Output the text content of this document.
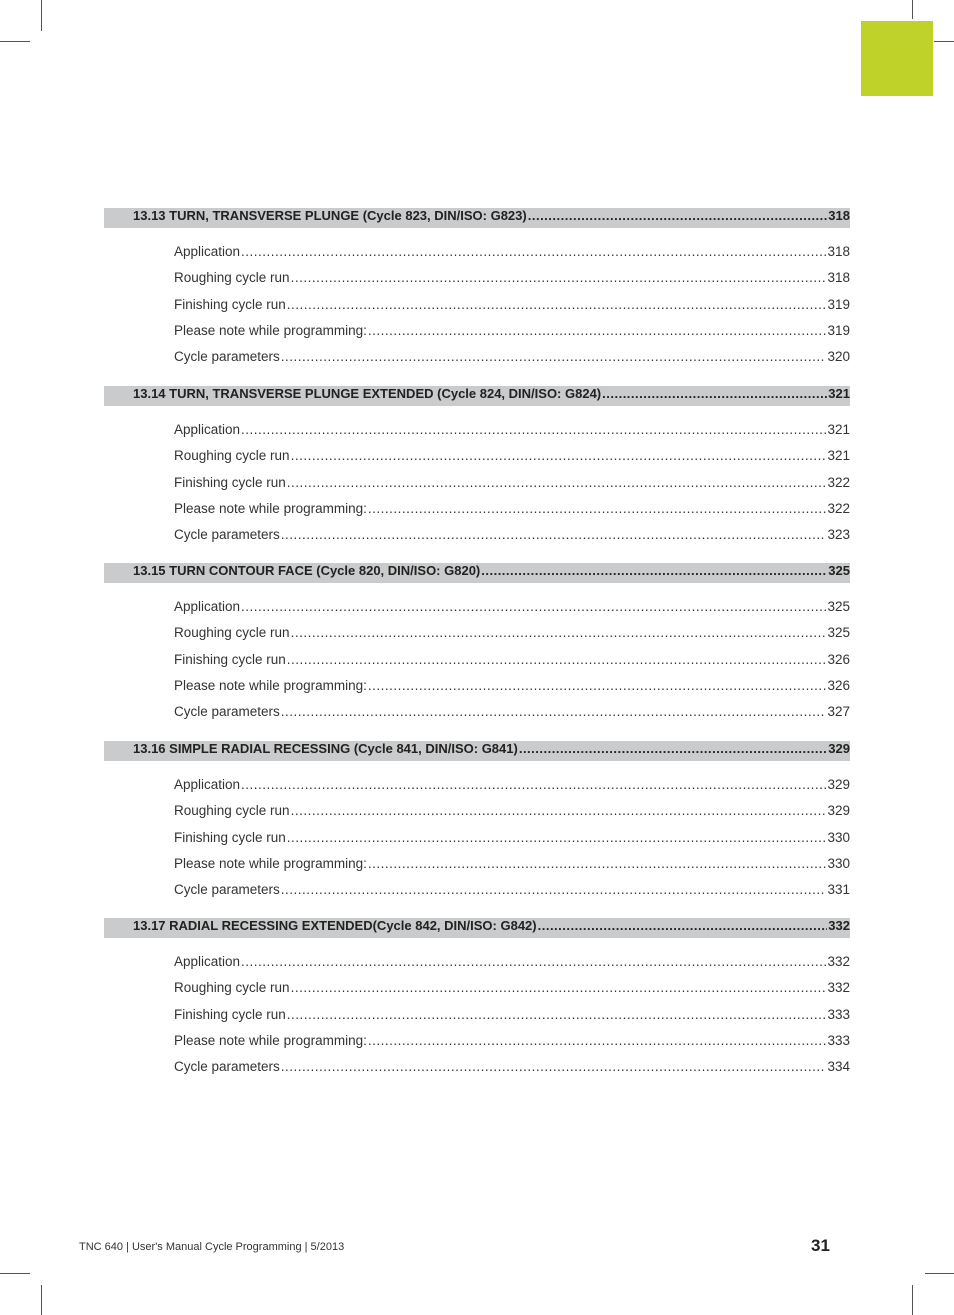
13.13 TURN, TRANSVERSE PLUNGE (Cycle 823, DIN/ISO: G823) .....	318
Application .....	318
Roughing cycle run .....	318
Finishing cycle run .....	319
Please note while programming: .....	319
Cycle parameters .....	320
13.14 TURN, TRANSVERSE PLUNGE EXTENDED (Cycle 824, DIN/ISO: G824) .....	321
Application .....	321
Roughing cycle run .....	321
Finishing cycle run .....	322
Please note while programming: .....	322
Cycle parameters .....	323
13.15 TURN CONTOUR FACE (Cycle 820, DIN/ISO: G820) .....	325
Application .....	325
Roughing cycle run .....	325
Finishing cycle run .....	326
Please note while programming: .....	326
Cycle parameters .....	327
13.16 SIMPLE RADIAL RECESSING (Cycle 841, DIN/ISO: G841) .....	329
Application .....	329
Roughing cycle run .....	329
Finishing cycle run .....	330
Please note while programming: .....	330
Cycle parameters .....	331
13.17 RADIAL RECESSING EXTENDED(Cycle 842, DIN/ISO: G842) .....	332
Application .....	332
Roughing cycle run .....	332
Finishing cycle run .....	333
Please note while programming: .....	333
Cycle parameters .....	334
TNC 640 | User's Manual Cycle Programming | 5/2013	31
